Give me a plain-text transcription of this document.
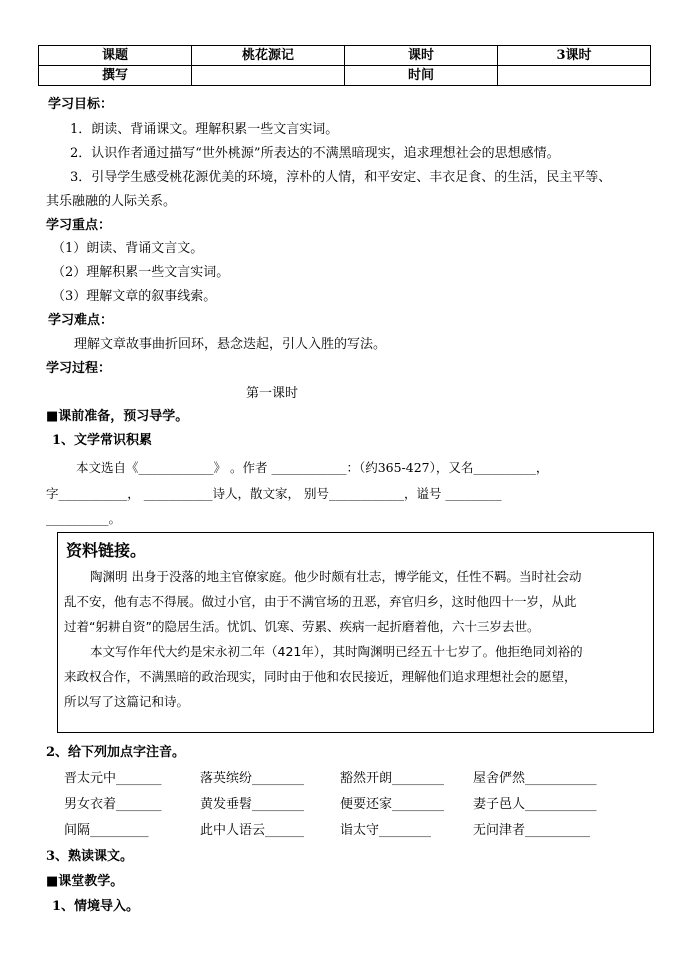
课题	桃花源记	课时	3课时
撰写		时间	
学习目标：
1．朗读、背诵课文。理解积累一些文言实词。
2．认识作者通过描写“世外桃源”所表达的不满黑暗现实，追求理想社会的思想感情。
3．引导学生感受桃花源优美的环境，淳朴的人情，和平安定、丰衣足食、的生活，民主平等、
其乐融融的人际关系。
学习重点：
（1）朗读、背诵文言文。
（2）理解积累一些文言实词。
（3）理解文章的叙事线索。
学习难点：
理解文章故事曲折回环，悬念迭起，引人入胜的写法。
学习过程：
第一课时
■课前准备，预习导学。
1、文学常识积累
本文选自《____________》 。作者 ____________：（约365-427），又名__________，
字___________， ___________诗人，散文家， 别号____________，谥号 _________
__________。
资料链接。

陶渊明 出身于没落的地主官僚家庭。他少时颇有壮志，博学能文，任性不羁。当时社会动

乱不安，他有志不得展。做过小官，由于不满官场的丑恶，弃官归乡，这时他四十一岁，从此

过着“躬耕自资”的隐居生活。忧饥、饥寒、劳累、疾病一起折磨着他，六十三岁去世。

本文写作年代大约是宋永初二年（421年），其时陶渊明已经五十七岁了。他拒绝同刘裕的

来政权合作，不满黑暗的政治现实，同时由于他和农民接近，理解他们追求理想社会的愿望，

所以写了这篇记和诗。

2、给下列加点字注音。
晋太元中_______	落英缤纷________	豁然开朗________ 屋舍俨然___________
男女衣着_______	黄发垂髫________	便要还家________ 妻子邑人___________
间隔_________	此中人语云______	诣太守________	无问津者__________
3、熟读课文。
■课堂教学。
1、情境导入。
